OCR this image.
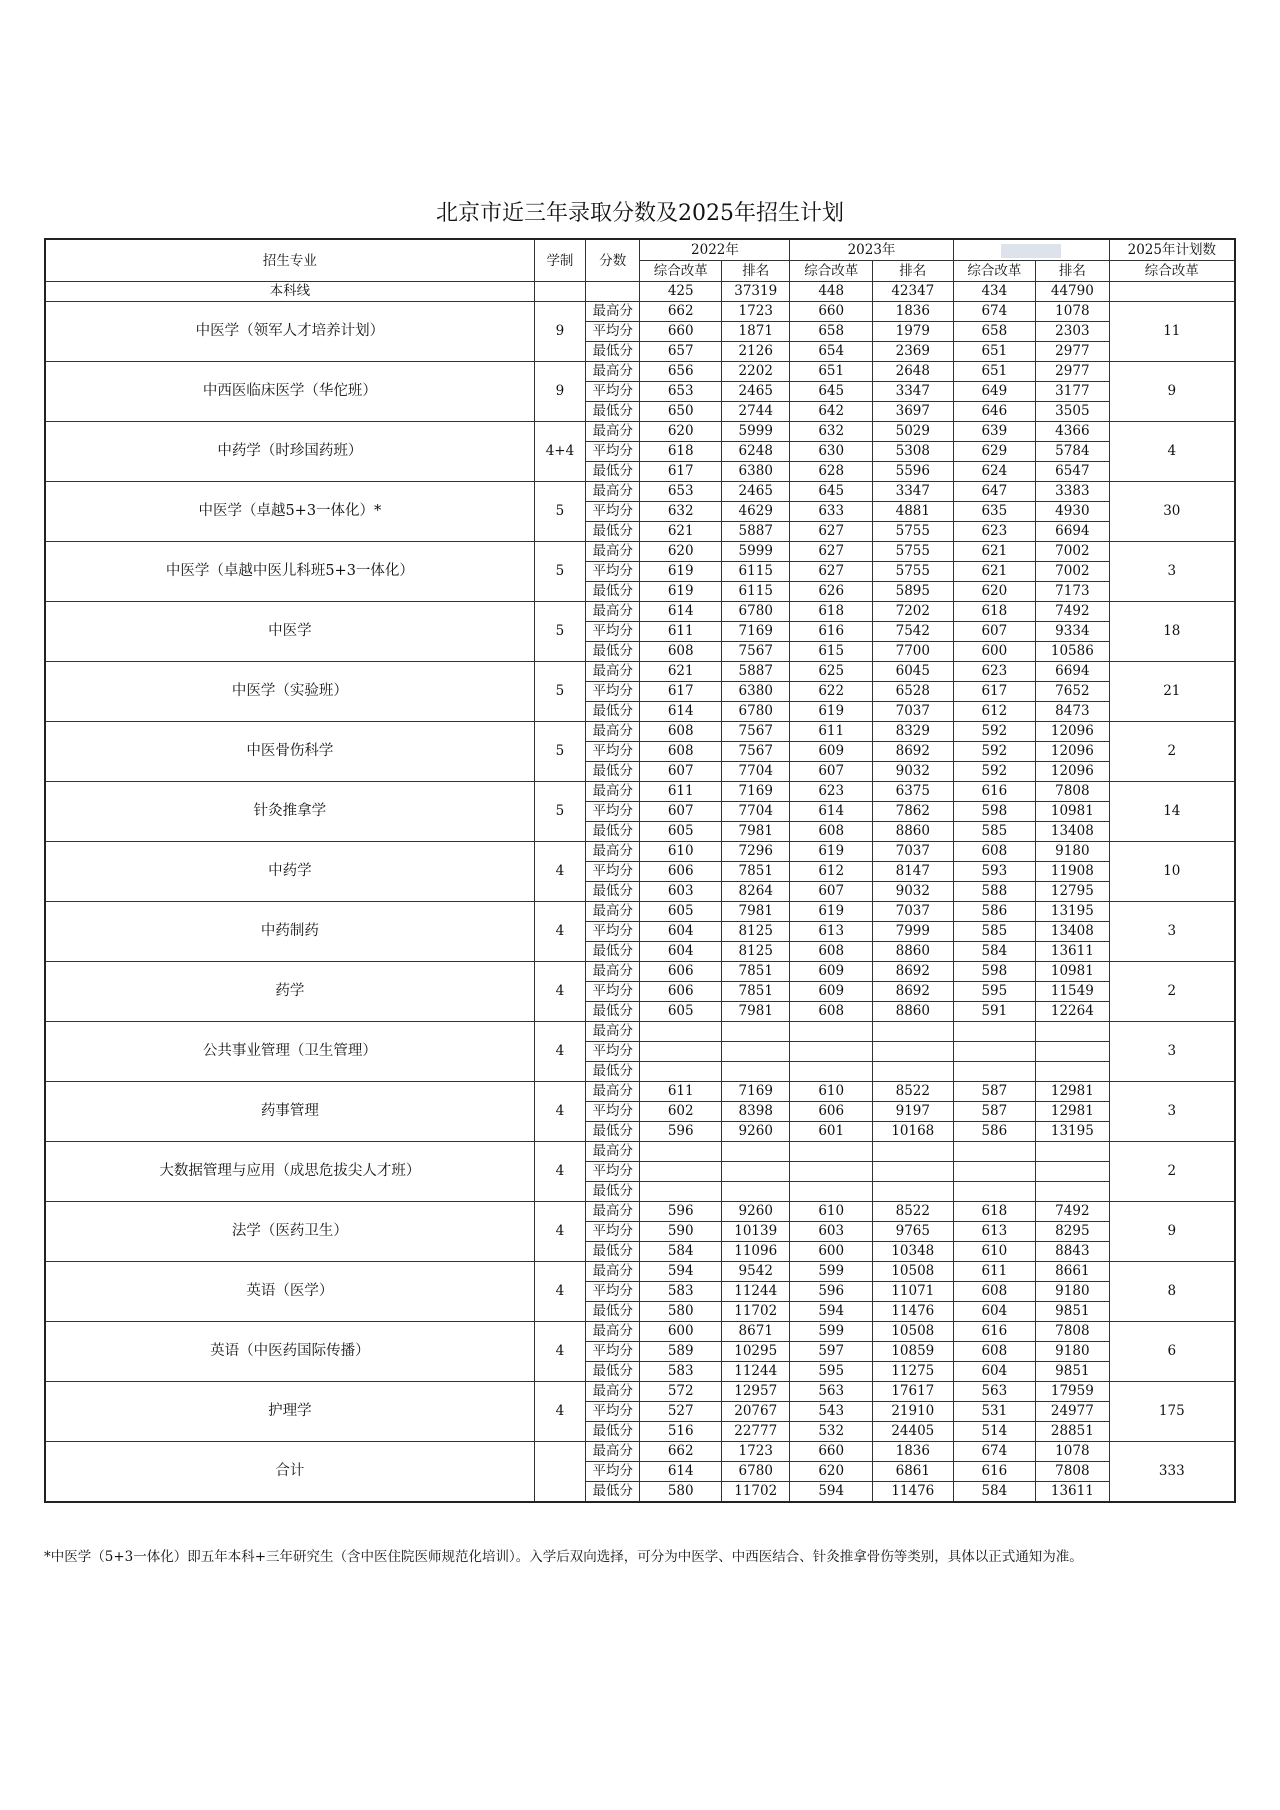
北京市近三年录取分数及2025年招生计划
招生专业	学制	分数	2022年		2023年				2025年计划数
			综合改革	排名	综合改革	排名	综合改革	排名	综合改革
本科线			425	37319	448	42347	434	44790	
中医学（领军人才培养计划）	9	最高分	662	1723	660	1836	674	1078	11
		平均分	660	1871	658	1979	658	2303	
		最低分	657	2126	654	2369	651	2977	
中西医临床医学（华佗班）	9	最高分	656	2202	651	2648	651	2977	9
		平均分	653	2465	645	3347	649	3177	
		最低分	650	2744	642	3697	646	3505	
中药学（时珍国药班）	4+4	最高分	620	5999	632	5029	639	4366	4
		平均分	618	6248	630	5308	629	5784	
		最低分	617	6380	628	5596	624	6547	
中医学（卓越5+3一体化）*	5	最高分	653	2465	645	3347	647	3383	30
		平均分	632	4629	633	4881	635	4930	
		最低分	621	5887	627	5755	623	6694	
中医学（卓越中医儿科班5+3一体化）	5	最高分	620	5999	627	5755	621	7002	3
		平均分	619	6115	627	5755	621	7002	
		最低分	619	6115	626	5895	620	7173	
中医学	5	最高分	614	6780	618	7202	618	7492	18
		平均分	611	7169	616	7542	607	9334	
		最低分	608	7567	615	7700	600	10586	
中医学（实验班）	5	最高分	621	5887	625	6045	623	6694	21
		平均分	617	6380	622	6528	617	7652	
		最低分	614	6780	619	7037	612	8473	
中医骨伤科学	5	最高分	608	7567	611	8329	592	12096	2
		平均分	608	7567	609	8692	592	12096	
		最低分	607	7704	607	9032	592	12096	
针灸推拿学	5	最高分	611	7169	623	6375	616	7808	14
		平均分	607	7704	614	7862	598	10981	
		最低分	605	7981	608	8860	585	13408	
中药学	4	最高分	610	7296	619	7037	608	9180	10
		平均分	606	7851	612	8147	593	11908	
		最低分	603	8264	607	9032	588	12795	
中药制药	4	最高分	605	7981	619	7037	586	13195	3
		平均分	604	8125	613	7999	585	13408	
		最低分	604	8125	608	8860	584	13611	
药学	4	最高分	606	7851	609	8692	598	10981	2
		平均分	606	7851	609	8692	595	11549	
		最低分	605	7981	608	8860	591	12264	
公共事业管理（卫生管理）	4	最高分							3
		平均分							
		最低分							
药事管理	4	最高分	611	7169	610	8522	587	12981	3
		平均分	602	8398	606	9197	587	12981	
		最低分	596	9260	601	10168	586	13195	
大数据管理与应用（成思危拔尖人才班）	4	最高分							2
		平均分							
		最低分							
法学（医药卫生）	4	最高分	596	9260	610	8522	618	7492	9
		平均分	590	10139	603	9765	613	8295	
		最低分	584	11096	600	10348	610	8843	
英语（医学）	4	最高分	594	9542	599	10508	611	8661	8
		平均分	583	11244	596	11071	608	9180	
		最低分	580	11702	594	11476	604	9851	
英语（中医药国际传播）	4	最高分	600	8671	599	10508	616	7808	6
		平均分	589	10295	597	10859	608	9180	
		最低分	583	11244	595	11275	604	9851	
护理学	4	最高分	572	12957	563	17617	563	17959	175
		平均分	527	20767	543	21910	531	24977	
		最低分	516	22777	532	24405	514	28851	
合计		最高分	662	1723	660	1836	674	1078	333
		平均分	614	6780	620	6861	616	7808	
		最低分	580	11702	594	11476	584	13611	
*中医学（5+3一体化）即五年本科+三年研究生（含中医住院医师规范化培训）。入学后双向选择，可分为中医学、中西医结合、针灸推拿骨伤等类别，具体以正式通知为准。
